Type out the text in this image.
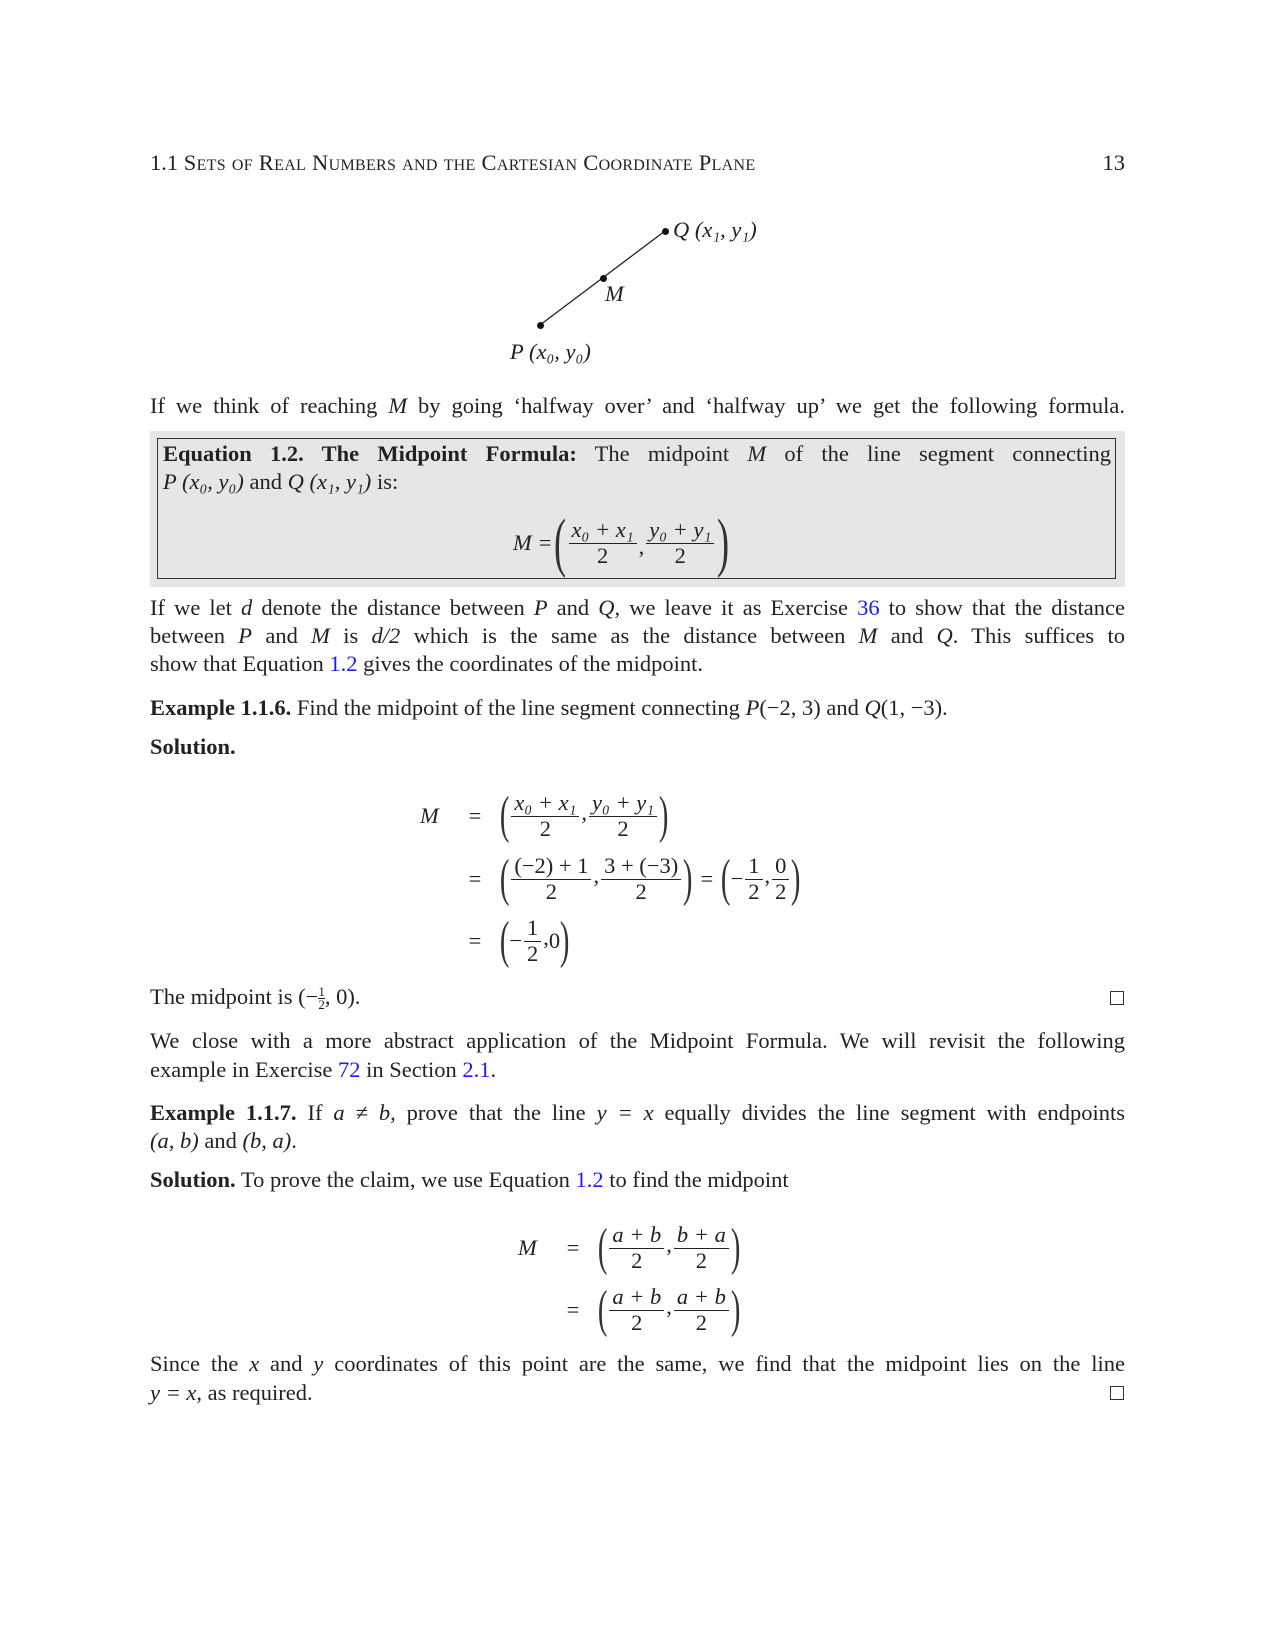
1.1 Sets of Real Numbers and the Cartesian Coordinate Plane	13
Q (x₁, y₁)
M
P (x₀, y₀)
If we think of reaching M by going ‘halfway over’ and ‘halfway up’ we get the following formula.
Equation 1.2. The Midpoint Formula: The midpoint M of the line segment connecting
P (x₀, y₀) and Q (x₁, y₁) is:
M = ( $\frac{\text{x₀ + x₁}}{2}$ , $\frac{\text{y₀ + y₁}}{2}$ )
If we let d denote the distance between P and Q, we leave it as Exercise 36 to show that the distance
between P and M is d/2 which is the same as the distance between M and Q. This suffices to
show that Equation 1.2 gives the coordinates of the midpoint.
Example 1.1.6. Find the midpoint of the line segment connecting P(−2, 3) and Q(1, −3).
Solution.
M	= ( $\frac{\text{x₀ + x₁}}{2}$ , $\frac{\text{y₀ + y₁}}{2}$ )
= ( $\frac{(-2) + 1}{2}$ , $\frac{3 + (-3)}{2}$ ) = ( − $\frac{1}{2}$ , $\frac{0}{2}$ )
= ( − $\frac{1}{2}$ , 0 )
The midpoint is (− $\frac{1}{2}$ , 0).
We close with a more abstract application of the Midpoint Formula. We will revisit the following
example in Exercise 72 in Section 2.1.
Example 1.1.7. If a ≠ b, prove that the line y = x equally divides the line segment with endpoints
(a, b) and (b, a).
Solution. To prove the claim, we use Equation 1.2 to find the midpoint
M	= ( $\frac{a + b}{2}$ , $\frac{b + a}{2}$ )
= ( $\frac{a + b}{2}$ , $\frac{a + b}{2}$ )
Since the x and y coordinates of this point are the same, we find that the midpoint lies on the line
y = x, as required.
